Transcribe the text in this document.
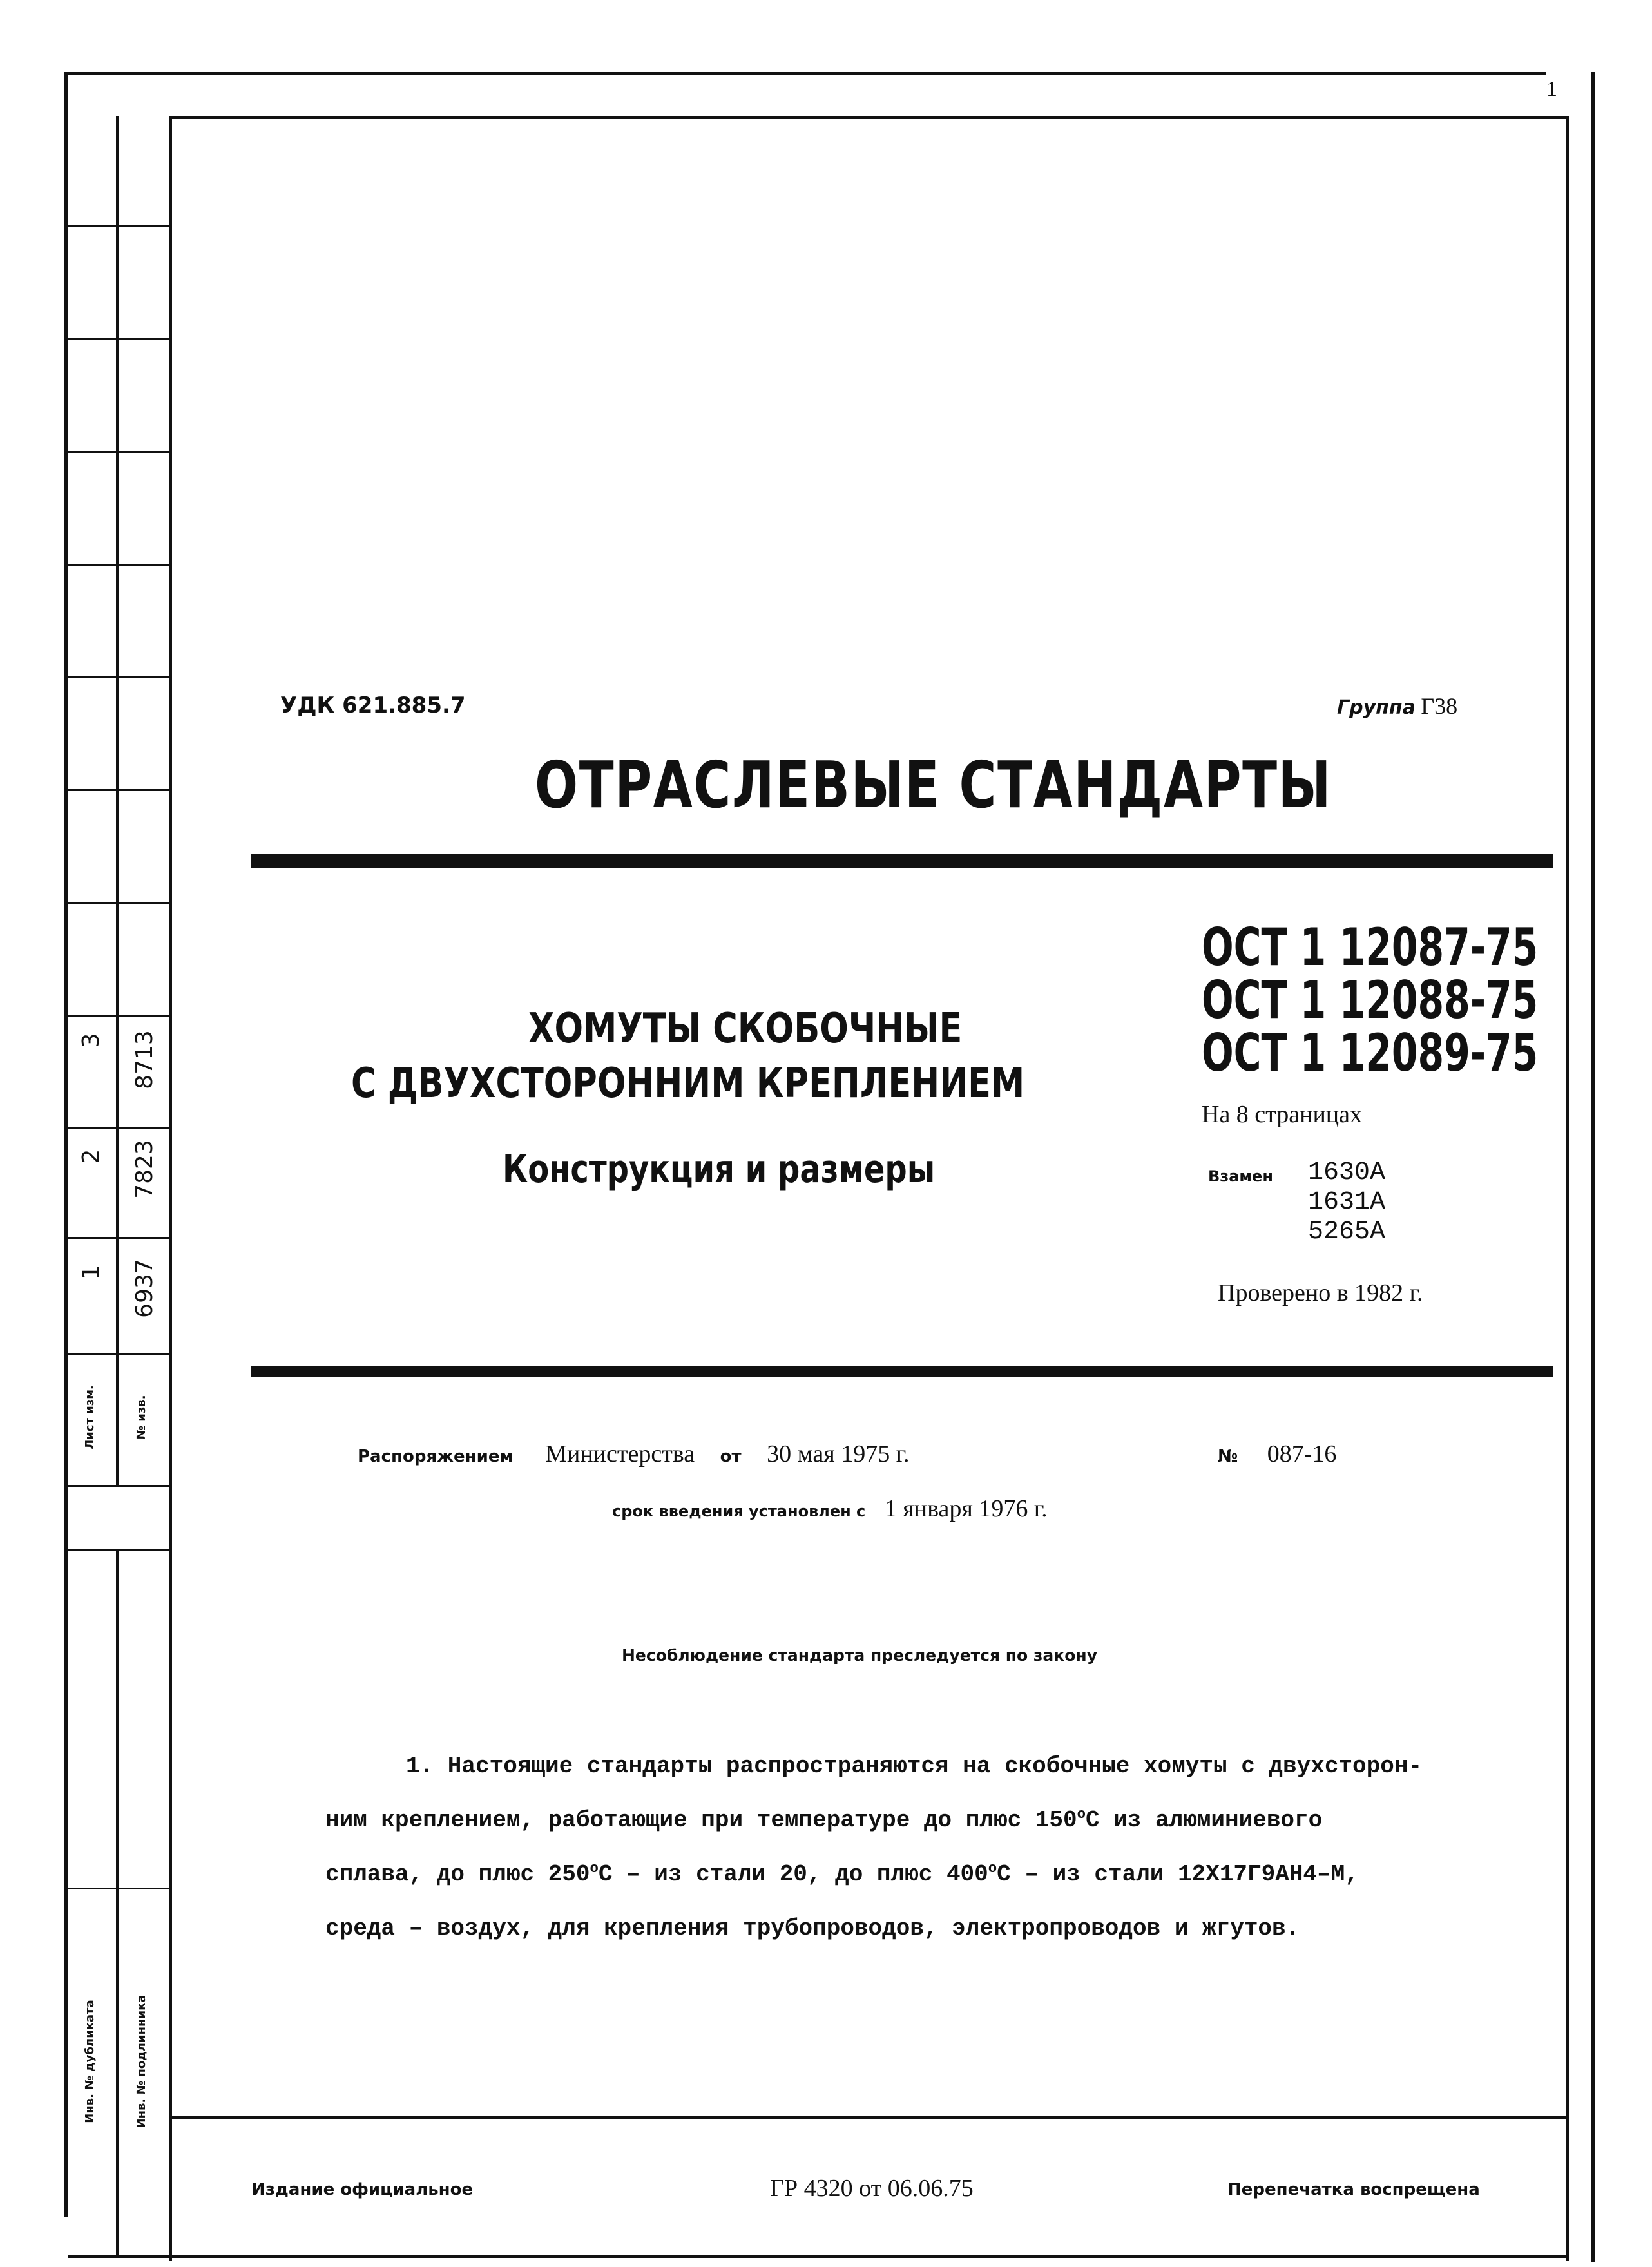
1
3 8713
2 7823
1 6937
Лист изм.	№ изв.
Инв. № дубликата	Инв. № подлинника
УДК 621.885.7	Группа Г38
ОТРАСЛЕВЫЕ СТАНДАРТЫ
ХОМУТЫ СКОБОЧНЫЕ
С ДВУХСТОРОННИМ КРЕПЛЕНИЕМ
Конструкция и размеры
ОСТ 1 12087-75
ОСТ 1 12088-75
ОСТ 1 12089-75
На 8 страницах
Взамен 1630А
1631А
5265А
Проверено в 1982 г.
Распоряжением Министерства от 30 мая 1975 г.	№ 087-16
срок введения установлен с 1 января 1976 г.
Несоблюдение стандарта преследуется по закону
1. Настоящие стандарты распространяются на скобочные хомуты с двухсторон-
ним креплением, работающие при температуре до плюс $150^оС$ из алюминиевого
сплава, до плюс $250^оС$ – из стали 20, до плюс $400^оС$ – из стали 12Х17Г9АН4–М,
среда – воздух, для крепления трубопроводов, электропроводов и жгутов.
Издание официальное	ГР 4320 от 06.06.75	Перепечатка воспрещена
